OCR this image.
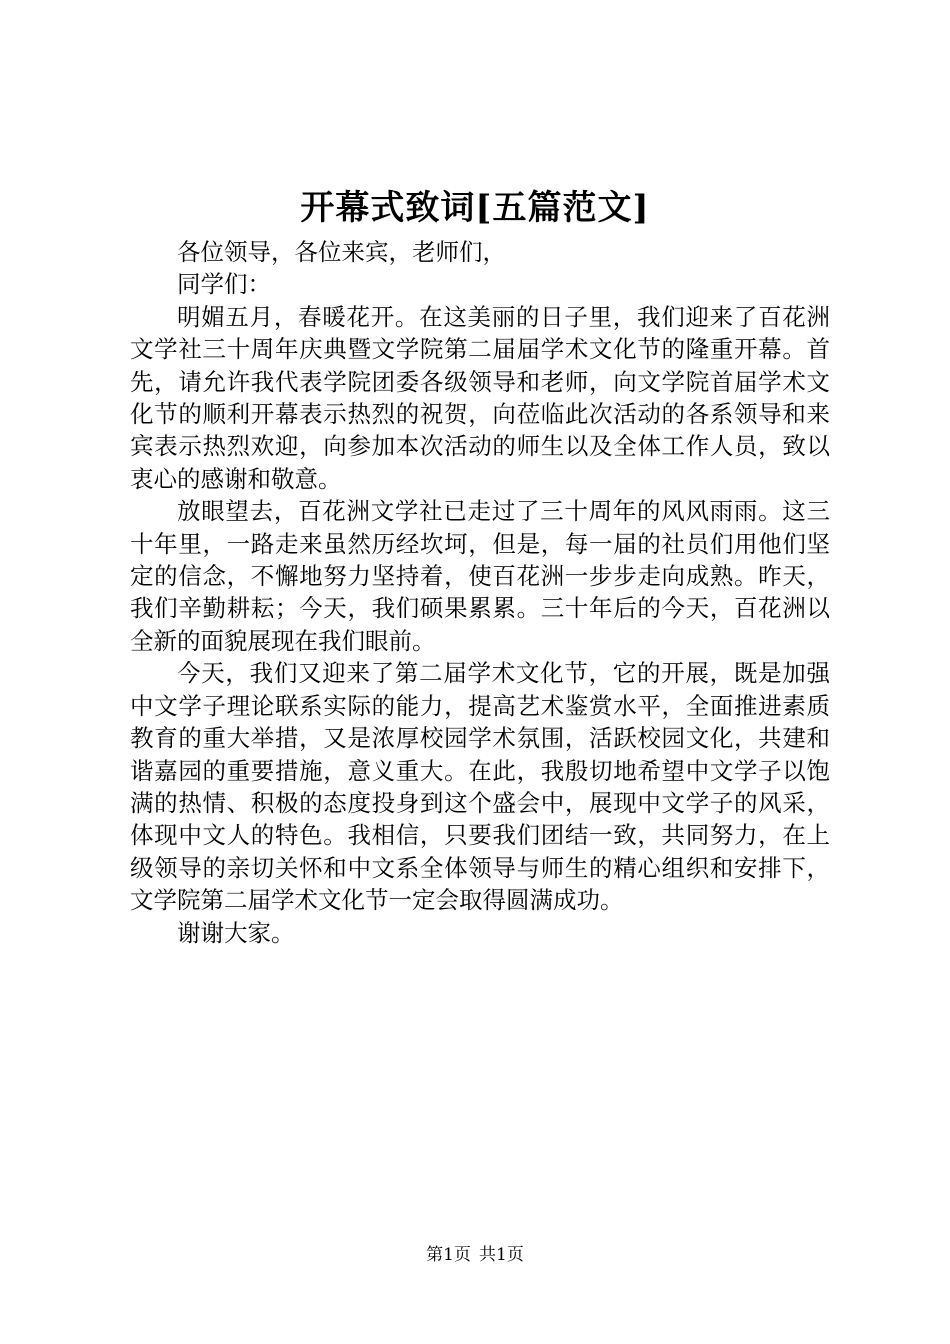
开幕式致词[五篇范文]

各位领导，各位来宾，老师们，

同学们：

明媚五月，春暖花开。在这美丽的日子里，我们迎来了百花洲文学社三十周年庆典暨文学院第二届届学术文化节的隆重开幕。首先，请允许我代表学院团委各级领导和老师，向文学院首届学术文化节的顺利开幕表示热烈的祝贺，向莅临此次活动的各系领导和来宾表示热烈欢迎，向参加本次活动的师生以及全体工作人员，致以衷心的感谢和敬意。

放眼望去，百花洲文学社已走过了三十周年的风风雨雨。这三十年里，一路走来虽然历经坎坷，但是，每一届的社员们用他们坚定的信念，不懈地努力坚持着，使百花洲一步步走向成熟。昨天，我们辛勤耕耘；今天，我们硕果累累。三十年后的今天，百花洲以全新的面貌展现在我们眼前。

今天，我们又迎来了第二届学术文化节，它的开展，既是加强中文学子理论联系实际的能力，提高艺术鉴赏水平，全面推进素质教育的重大举措，又是浓厚校园学术氛围，活跃校园文化，共建和谐嘉园的重要措施，意义重大。在此，我殷切地希望中文学子以饱满的热情、积极的态度投身到这个盛会中，展现中文学子的风采，体现中文人的特色。我相信，只要我们团结一致，共同努力，在上级领导的亲切关怀和中文系全体领导与师生的精心组织和安排下，文学院第二届学术文化节一定会取得圆满成功。

谢谢大家。

第1页 共1页
